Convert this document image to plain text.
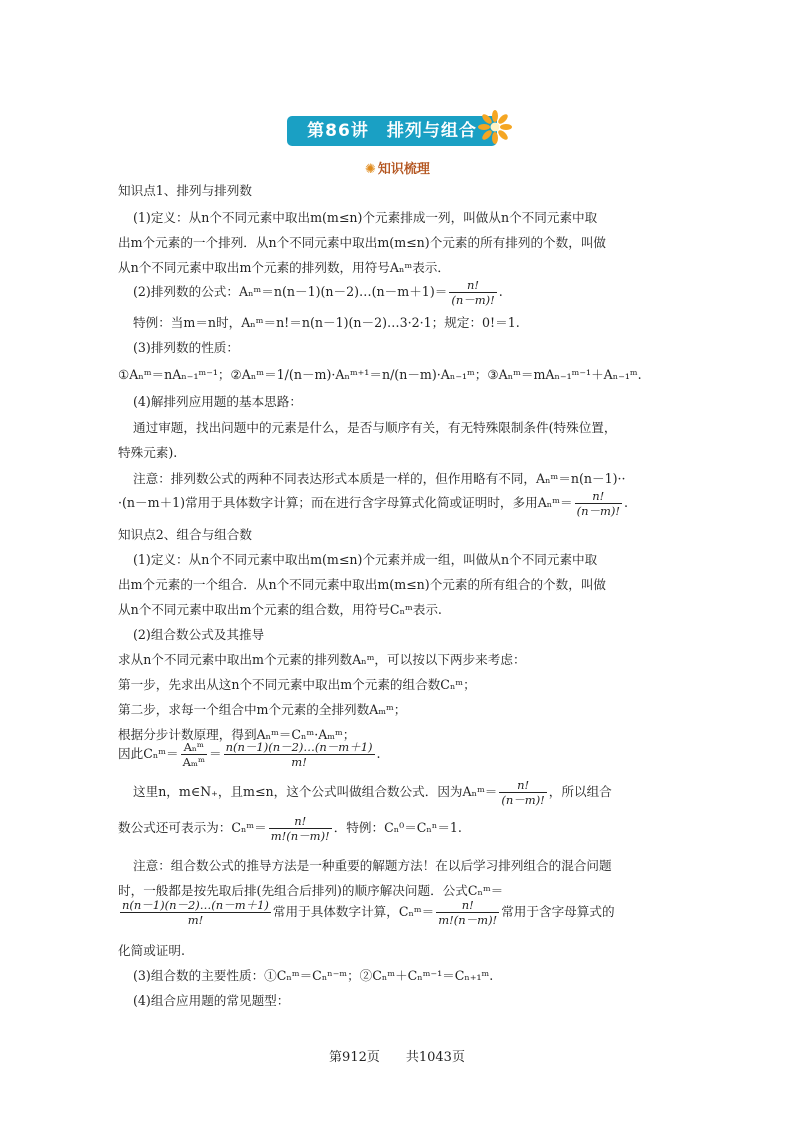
第86讲　排列与组合
✺ 知识梳理
知识点1、排列与排列数
(1)定义：从n个不同元素中取出m(m≤n)个元素排成一列，叫做从n个不同元素中取
出m个元素的一个排列．从n个不同元素中取出m(m≤n)个元素的所有排列的个数，叫做
从n个不同元素中取出m个元素的排列数，用符号Aₙᵐ表示．
(2)排列数的公式：Aₙᵐ＝n(n－1)(n－2)…(n－m＋1)＝ $\frac{n!}{(n-m)!}$ .
特例：当m＝n时，Aₙᵐ＝n!＝n(n－1)(n－2)…3·2·1；规定：0!＝1.
(3)排列数的性质：
①Aₙᵐ＝nAₙ₋₁ᵐ⁻¹；②Aₙᵐ＝1/(n－m)·Aₙᵐ⁺¹＝n/(n－m)·Aₙ₋₁ᵐ；③Aₙᵐ＝mAₙ₋₁ᵐ⁻¹＋Aₙ₋₁ᵐ.
(4)解排列应用题的基本思路：
通过审题，找出问题中的元素是什么，是否与顺序有关，有无特殊限制条件(特殊位置，
特殊元素).
注意：排列数公式的两种不同表达形式本质是一样的，但作用略有不同，Aₙᵐ＝n(n－1)··
·(n－m＋1)常用于具体数字计算；而在进行含字母算式化简或证明时，多用Aₙᵐ＝ $\frac{n!}{(n-m)!}$ .
知识点2、组合与组合数
(1)定义：从n个不同元素中取出m(m≤n)个元素并成一组，叫做从n个不同元素中取
出m个元素的一个组合．从n个不同元素中取出m(m≤n)个元素的所有组合的个数，叫做
从n个不同元素中取出m个元素的组合数，用符号Cₙᵐ表示.
(2)组合数公式及其推导
求从n个不同元素中取出m个元素的排列数Aₙᵐ，可以按以下两步来考虑：
第一步，先求出从这n个不同元素中取出m个元素的组合数Cₙᵐ；
第二步，求每一个组合中m个元素的全排列数Aₘᵐ；
根据分步计数原理，得到Aₙᵐ＝Cₙᵐ·Aₘᵐ；
因此Cₙᵐ＝ $\frac{\text{Aₙᵐ}}{\text{Aₘᵐ}} = \frac{n(n-1)(n-2)\dots(n-m+1)}{m!}$ .
这里n，m∈N₊，且m≤n，这个公式叫做组合数公式．因为Aₙᵐ＝ $\frac{n!}{(n-m)!}$ ，所以组合
数公式还可表示为：Cₙᵐ＝ $\frac{n!}{m!(n-m)!}$ ．特例：Cₙ⁰＝Cₙⁿ＝1.
注意：组合数公式的推导方法是一种重要的解题方法！在以后学习排列组合的混合问题
时，一般都是按先取后排(先组合后排列)的顺序解决问题．公式Cₙᵐ＝
$\frac{n(n-1)(n-2)\dots(n-m+1)}{m!}$ 常用于具体数字计算，Cₙᵐ＝ $\frac{n!}{m!(n-m)!}$ 常用于含字母算式的
化简或证明.
(3)组合数的主要性质：①Cₙᵐ＝Cₙⁿ⁻ᵐ；②Cₙᵐ＋Cₙᵐ⁻¹＝Cₙ₊₁ᵐ.
(4)组合应用题的常见题型：
第912页　　共1043页
